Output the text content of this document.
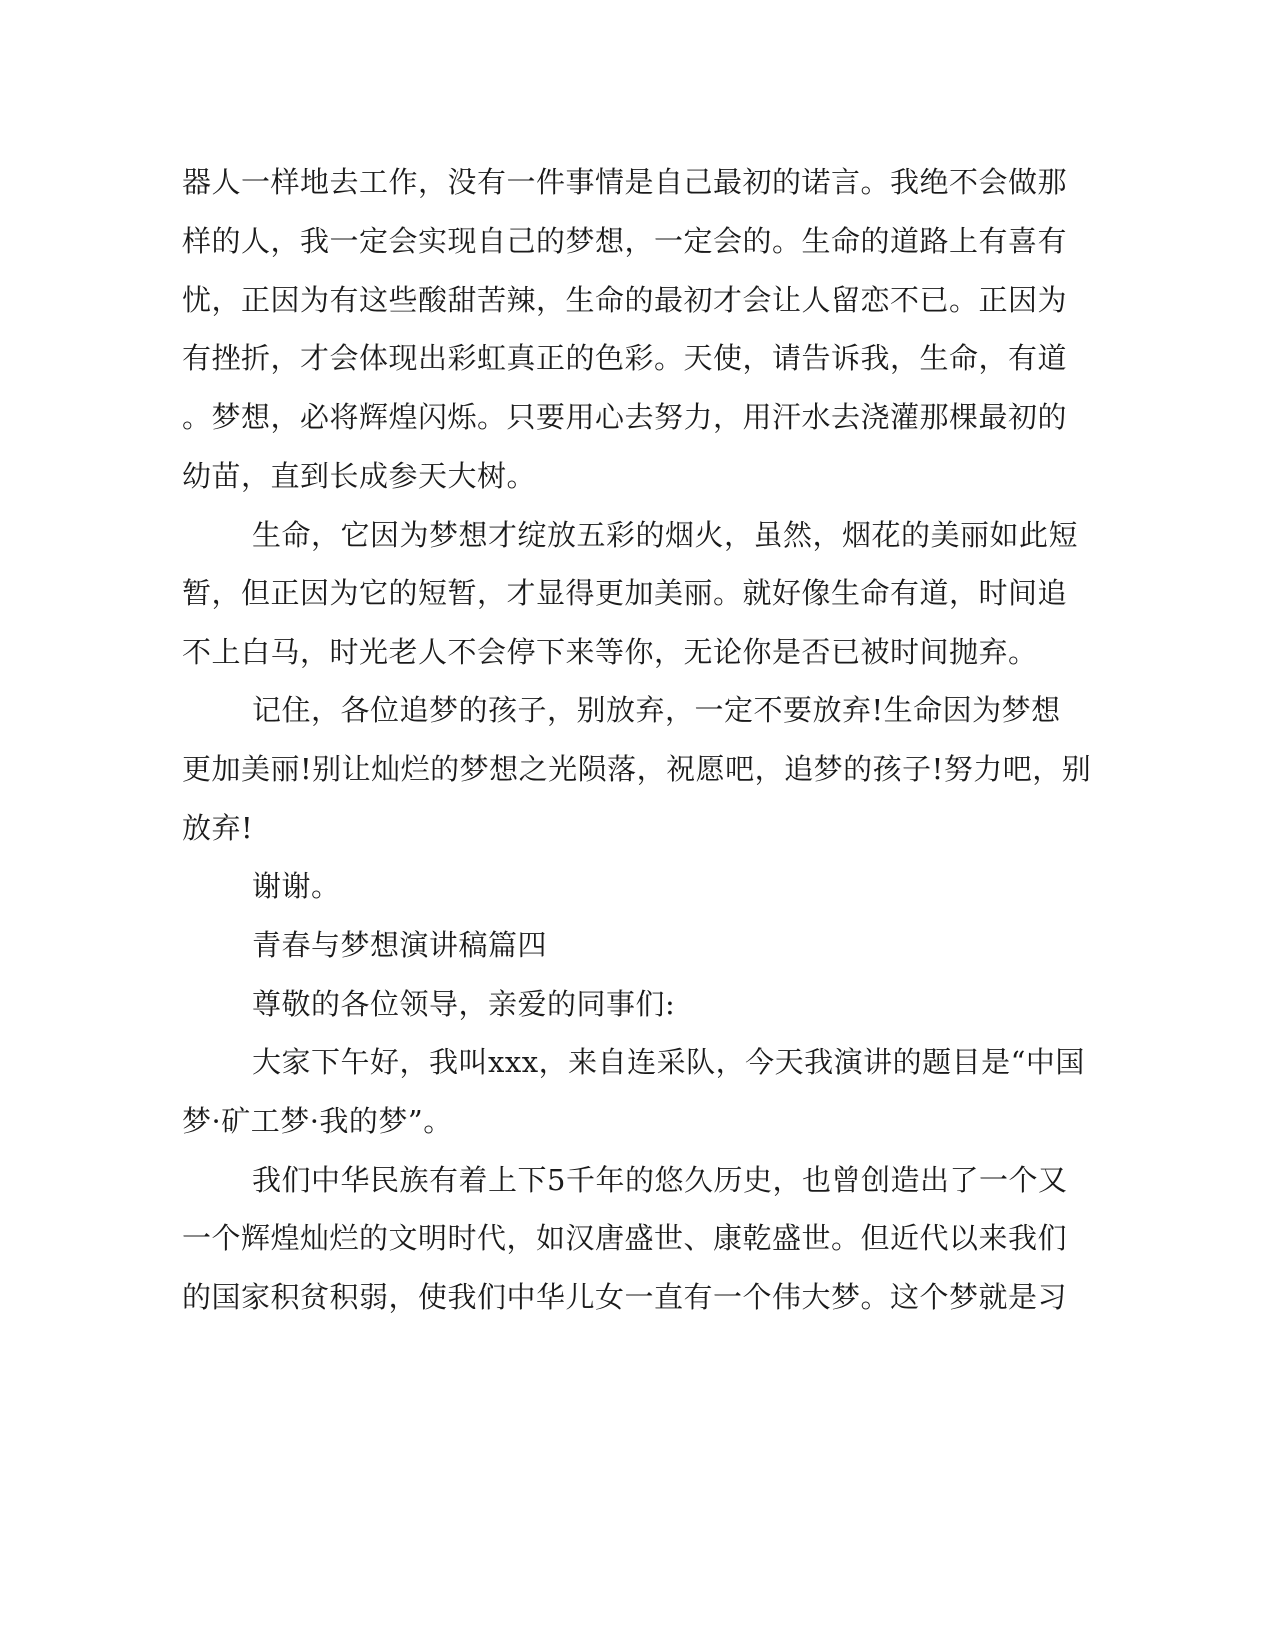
器人一样地去工作，没有一件事情是自己最初的诺言。我绝不会做那
样的人，我一定会实现自己的梦想，一定会的。生命的道路上有喜有
忧，正因为有这些酸甜苦辣，生命的最初才会让人留恋不已。正因为
有挫折，才会体现出彩虹真正的色彩。天使，请告诉我，生命，有道
。梦想，必将辉煌闪烁。只要用心去努力，用汗水去浇灌那棵最初的
幼苗，直到长成参天大树。
生命，它因为梦想才绽放五彩的烟火，虽然，烟花的美丽如此短
暂，但正因为它的短暂，才显得更加美丽。就好像生命有道，时间追
不上白马，时光老人不会停下来等你，无论你是否已被时间抛弃。
记住，各位追梦的孩子，别放弃，一定不要放弃!生命因为梦想
更加美丽!别让灿烂的梦想之光陨落，祝愿吧，追梦的孩子!努力吧，别
放弃!
谢谢。
青春与梦想演讲稿篇四
尊敬的各位领导，亲爱的同事们:
大家下午好，我叫xxx，来自连采队，今天我演讲的题目是“中国
梦·矿工梦·我的梦”。
我们中华民族有着上下5千年的悠久历史，也曾创造出了一个又
一个辉煌灿烂的文明时代，如汉唐盛世、康乾盛世。但近代以来我们
的国家积贫积弱，使我们中华儿女一直有一个伟大梦。这个梦就是习
